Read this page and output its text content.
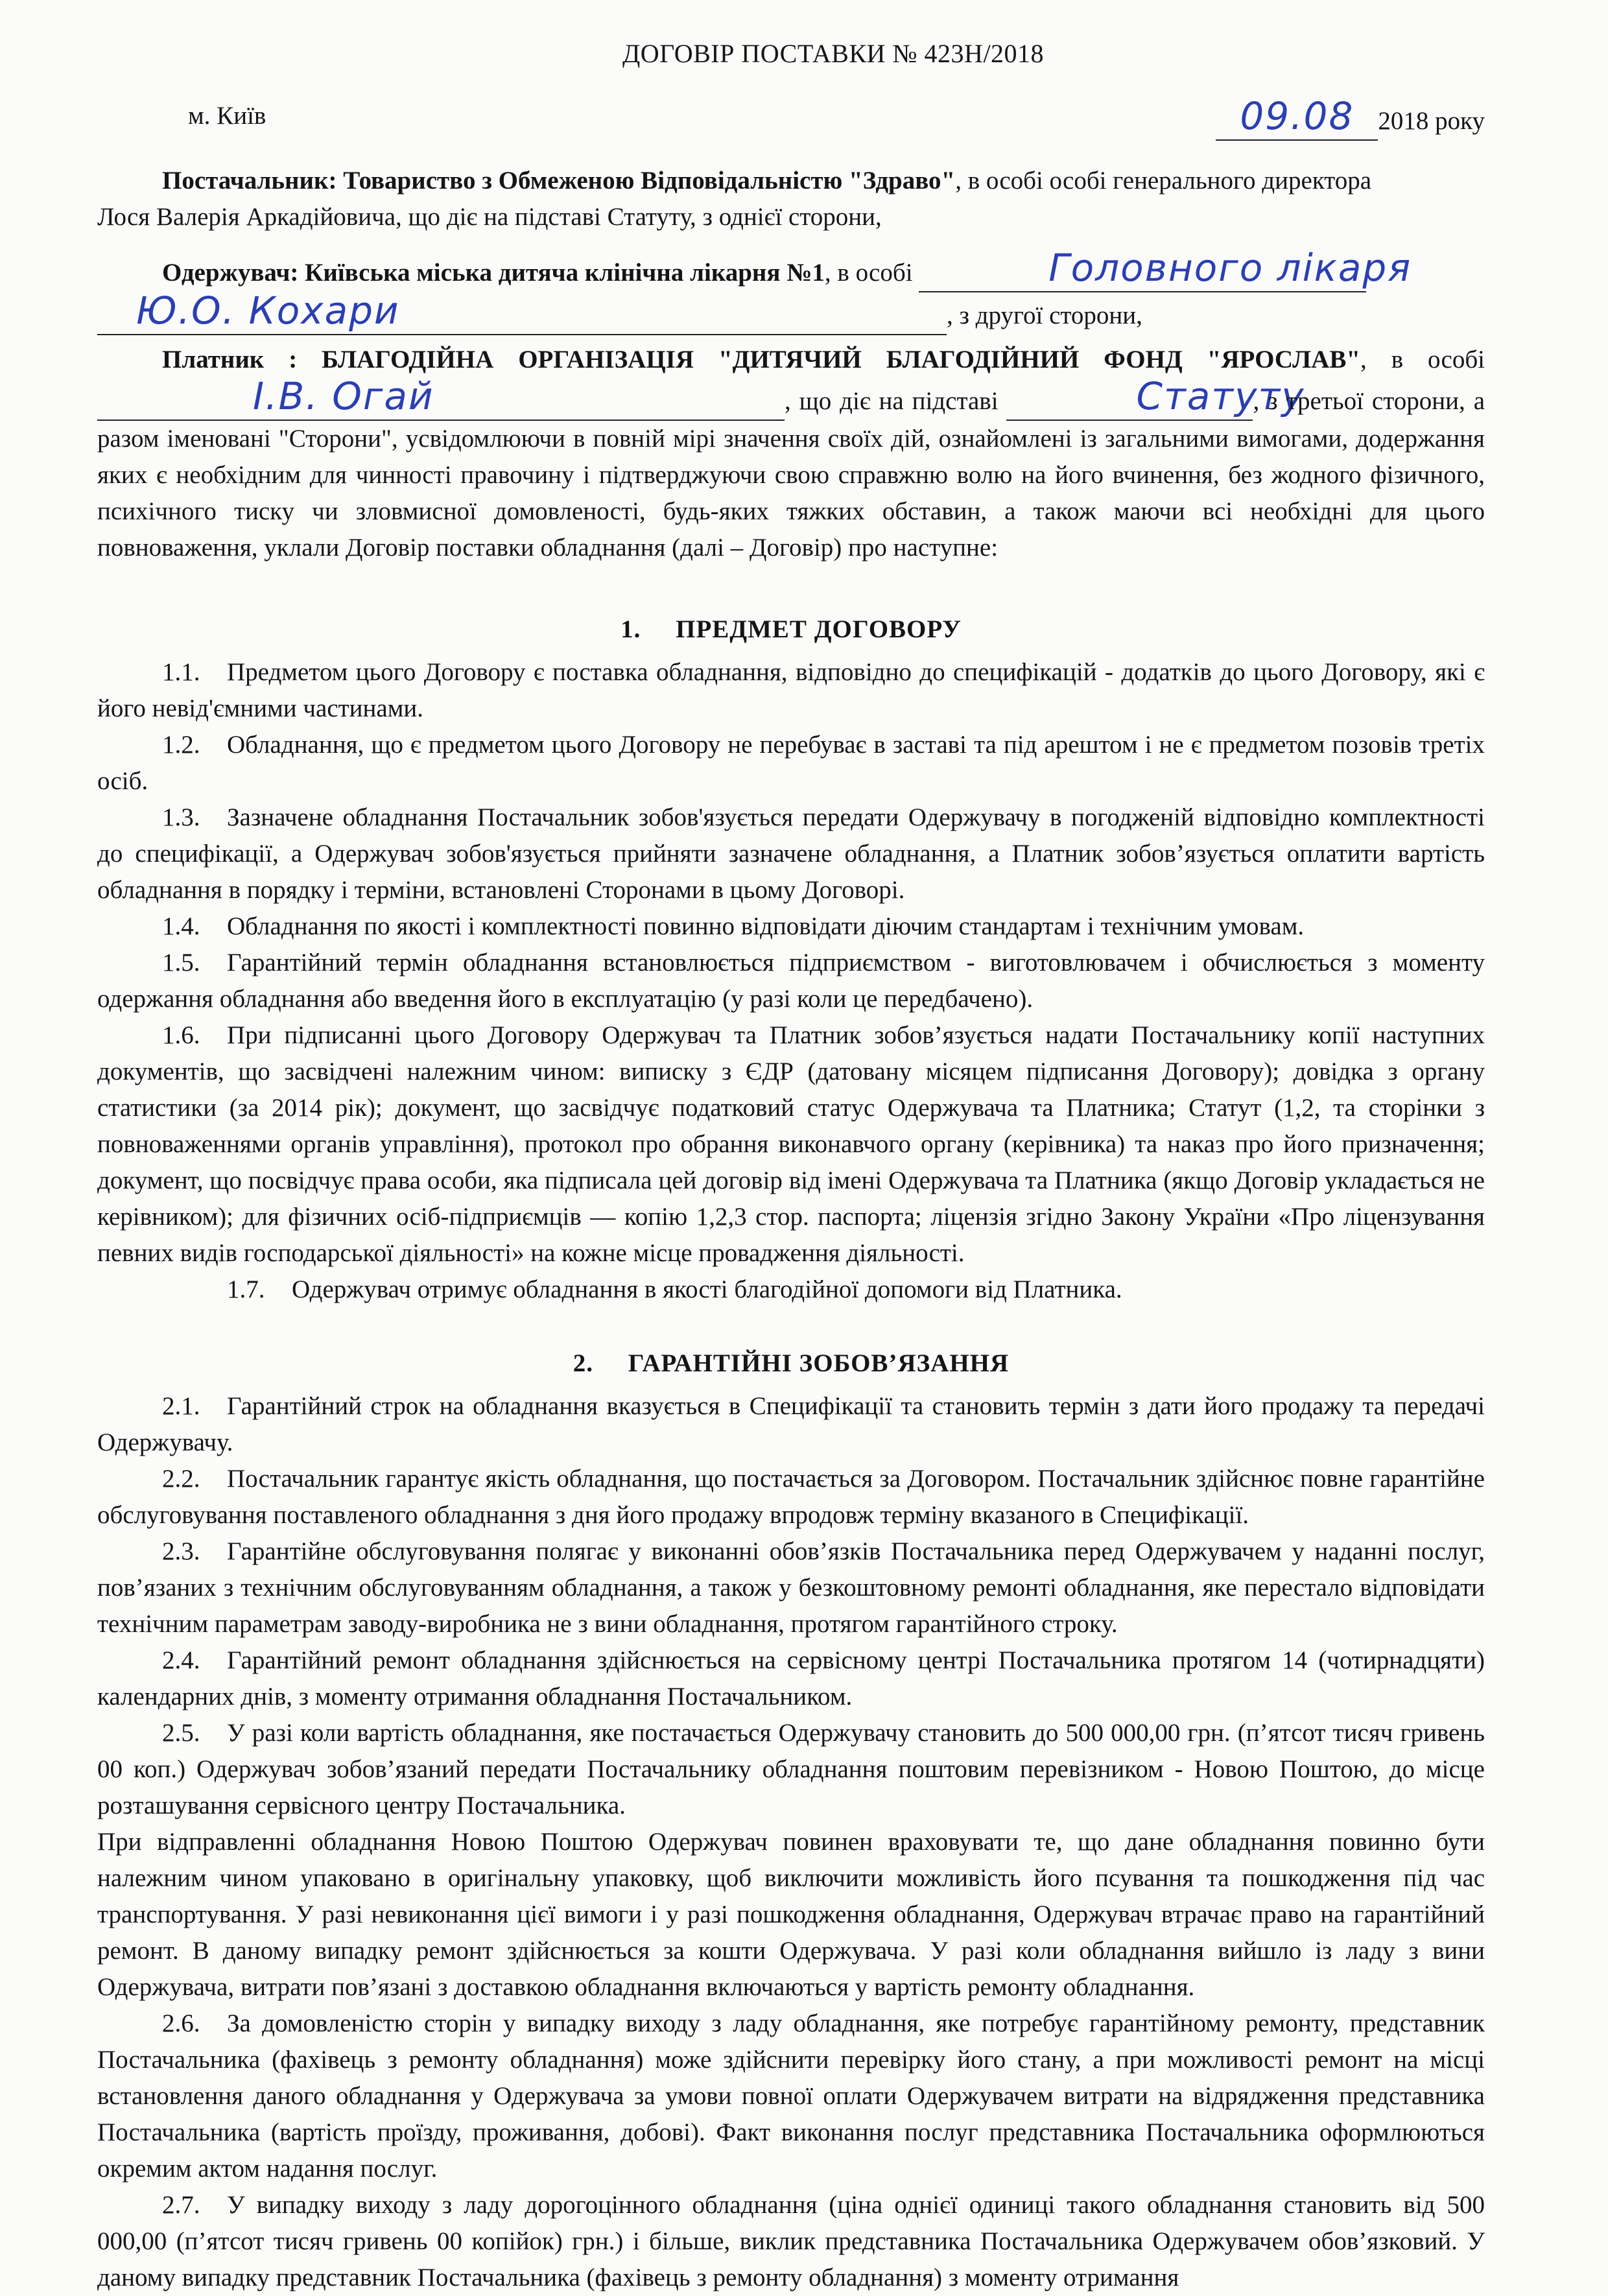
ДОГОВІР ПОСТАВКИ № 423Н/2018
м. Київ	09.08 2018 року

Постачальник: Товариство з Обмеженою Відповідальністю "Здраво", в особі особі генерального директора

Лося Валерія Аркадійовича, що діє на підставі Статуту, з однієї сторони,

Одержувач: Київська міська дитяча клінічна лікарня №1, в особі	Головного лікаря

Ю.О. Кохари	, з другої сторони,

Платник : БЛАГОДІЙНА ОРГАНІЗАЦІЯ "ДИТЯЧИЙ БЛАГОДІЙНИЙ ФОНД "ЯРОСЛАВ", в особі І.В. Огай	, що діє на підставі	Статуту, з третьої сторони, а разом іменовані "Сторони", усвідомлюючи в повній мірі значення своїх дій, ознайомлені із загальними вимогами, додержання яких є необхідним для чинності правочину і підтверджуючи свою справжню волю на його вчинення, без жодного фізичного, психічного тиску чи зловмисної домовленості, будь-яких тяжких обставин, а також маючи всі необхідні для цього повноваження, уклали Договір поставки обладнання (далі – Договір) про наступне:

1. ПРЕДМЕТ ДОГОВОРУ

1.1. Предметом цього Договору є поставка обладнання, відповідно до специфікацій - додатків до цього Договору, які є його невід'ємними частинами.

1.2. Обладнання, що є предметом цього Договору не перебуває в заставі та під арештом і не є предметом позовів третіх осіб.

1.3. Зазначене обладнання Постачальник зобов'язується передати Одержувачу в погодженій відповідно комплектності до специфікації, а Одержувач зобов'язується прийняти зазначене обладнання, а Платник зобов’язується оплатити вартість обладнання в порядку і терміни, встановлені Сторонами в цьому Договорі.

1.4. Обладнання по якості і комплектності повинно відповідати діючим стандартам і технічним умовам.

1.5. Гарантійний термін обладнання встановлюється підприємством - виготовлювачем і обчислюється з моменту одержання обладнання або введення його в експлуатацію (у разі коли це передбачено).

1.6. При підписанні цього Договору Одержувач та Платник зобов’язується надати Постачальнику копії наступних документів, що засвідчені належним чином: виписку з ЄДР (датовану місяцем підписання Договору); довідка з органу статистики (за 2014 рік); документ, що засвідчує податковий статус Одержувача та Платника; Статут (1,2, та сторінки з повноваженнями органів управління), протокол про обрання виконавчого органу (керівника) та наказ про його призначення; документ, що посвідчує права особи, яка підписала цей договір від імені Одержувача та Платника (якщо Договір укладається не керівником); для фізичних осіб-підприємців — копію 1,2,3 стор. паспорта; ліцензія згідно Закону України «Про ліцензування певних видів господарської діяльності» на кожне місце провадження діяльності.

1.7. Одержувач отримує обладнання в якості благодійної допомоги від Платника.

2. ГАРАНТІЙНІ ЗОБОВ’ЯЗАННЯ

2.1. Гарантійний строк на обладнання вказується в Специфікації та становить термін з дати його продажу та передачі Одержувачу.

2.2. Постачальник гарантує якість обладнання, що постачається за Договором. Постачальник здійснює повне гарантійне обслуговування поставленого обладнання з дня його продажу впродовж терміну вказаного в Специфікації.

2.3. Гарантійне обслуговування полягає у виконанні обов’язків Постачальника перед Одержувачем у наданні послуг, пов’язаних з технічним обслуговуванням обладнання, а також у безкоштовному ремонті обладнання, яке перестало відповідати технічним параметрам заводу-виробника не з вини обладнання, протягом гарантійного строку.

2.4. Гарантійний ремонт обладнання здійснюється на сервісному центрі Постачальника протягом 14 (чотирнадцяти) календарних днів, з моменту отримання обладнання Постачальником.

2.5. У разі коли вартість обладнання, яке постачається Одержувачу становить до 500 000,00 грн. (п’ятсот тисяч гривень 00 коп.) Одержувач зобов’язаний передати Постачальнику обладнання поштовим перевізником - Новою Поштою, до місце розташування сервісного центру Постачальника.

При відправленні обладнання Новою Поштою Одержувач повинен враховувати те, що дане обладнання повинно бути належним чином упаковано в оригінальну упаковку, щоб виключити можливість його псування та пошкодження під час транспортування. У разі невиконання цієї вимоги і у разі пошкодження обладнання, Одержувач втрачає право на гарантійний ремонт. В даному випадку ремонт здійснюється за кошти Одержувача. У разі коли обладнання вийшло із ладу з вини Одержувача, витрати пов’язані з доставкою обладнання включаються у вартість ремонту обладнання.

2.6. За домовленістю сторін у випадку виходу з ладу обладнання, яке потребує гарантійному ремонту, представник Постачальника (фахівець з ремонту обладнання) може здійснити перевірку його стану, а при можливості ремонт на місці встановлення даного обладнання у Одержувача за умови повної оплати Одержувачем витрати на відрядження представника Постачальника (вартість проїзду, проживання, добові). Факт виконання послуг представника Постачальника оформлюються окремим актом надання послуг.

2.7. У випадку виходу з ладу дорогоцінного обладнання (ціна однієї одиниці такого обладнання становить від 500 000,00 (п’ятсот тисяч гривень 00 копійок) грн.) і більше, виклик представника Постачальника Одержувачем обов’язковий. У даному випадку представник Постачальника (фахівець з ремонту обладнання) з моменту отримання
